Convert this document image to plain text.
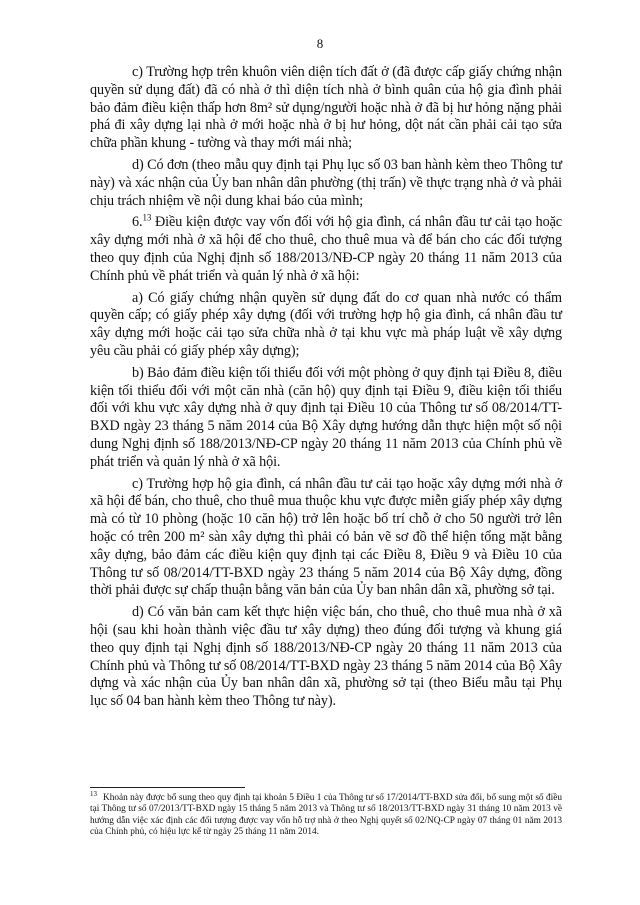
8

c) Trường hợp trên khuôn viên diện tích đất ở (đã được cấp giấy chứng nhận quyền sử dụng đất) đã có nhà ở thì diện tích nhà ở bình quân của hộ gia đình phải bảo đảm điều kiện thấp hơn 8m² sử dụng/người hoặc nhà ở đã bị hư hỏng nặng phải phá đi xây dựng lại nhà ở mới hoặc nhà ở bị hư hỏng, dột nát cần phải cải tạo sửa chữa phần khung - tường và thay mới mái nhà;

d) Có đơn (theo mẫu quy định tại Phụ lục số 03 ban hành kèm theo Thông tư này) và xác nhận của Ủy ban nhân dân phường (thị trấn) về thực trạng nhà ở và phải chịu trách nhiệm về nội dung khai báo của mình;

6.13 Điều kiện được vay vốn đối với hộ gia đình, cá nhân đầu tư cải tạo hoặc xây dựng mới nhà ở xã hội để cho thuê, cho thuê mua và để bán cho các đối tượng theo quy định của Nghị định số 188/2013/NĐ-CP ngày 20 tháng 11 năm 2013 của Chính phủ về phát triển và quản lý nhà ở xã hội:

a) Có giấy chứng nhận quyền sử dụng đất do cơ quan nhà nước có thẩm quyền cấp; có giấy phép xây dựng (đối với trường hợp hộ gia đình, cá nhân đầu tư xây dựng mới hoặc cải tạo sửa chữa nhà ở tại khu vực mà pháp luật về xây dựng yêu cầu phải có giấy phép xây dựng);

b) Bảo đảm điều kiện tối thiểu đối với một phòng ở quy định tại Điều 8, điều kiện tối thiểu đối với một căn nhà (căn hộ) quy định tại Điều 9, điều kiện tối thiểu đối với khu vực xây dựng nhà ở quy định tại Điều 10 của Thông tư số 08/2014/TT-BXD ngày 23 tháng 5 năm 2014 của Bộ Xây dựng hướng dẫn thực hiện một số nội dung Nghị định số 188/2013/NĐ-CP ngày 20 tháng 11 năm 2013 của Chính phủ về phát triển và quản lý nhà ở xã hội.

c) Trường hợp hộ gia đình, cá nhân đầu tư cải tạo hoặc xây dựng mới nhà ở xã hội để bán, cho thuê, cho thuê mua thuộc khu vực được miễn giấy phép xây dựng mà có từ 10 phòng (hoặc 10 căn hộ) trở lên hoặc bố trí chỗ ở cho 50 người trở lên hoặc có trên 200 m² sàn xây dựng thì phải có bản vẽ sơ đồ thể hiện tổng mặt bằng xây dựng, bảo đảm các điều kiện quy định tại các Điều 8, Điều 9 và Điều 10 của Thông tư số 08/2014/TT-BXD ngày 23 tháng 5 năm 2014 của Bộ Xây dựng, đồng thời phải được sự chấp thuận bằng văn bản của Ủy ban nhân dân xã, phường sở tại.

d) Có văn bản cam kết thực hiện việc bán, cho thuê, cho thuê mua nhà ở xã hội (sau khi hoàn thành việc đầu tư xây dựng) theo đúng đối tượng và khung giá theo quy định tại Nghị định số 188/2013/NĐ-CP ngày 20 tháng 11 năm 2013 của Chính phủ và Thông tư số 08/2014/TT-BXD ngày 23 tháng 5 năm 2014 của Bộ Xây dựng và xác nhận của Ủy ban nhân dân xã, phường sở tại (theo Biểu mẫu tại Phụ lục số 04 ban hành kèm theo Thông tư này).

$^{13}$ Khoản này được bổ sung theo quy định tại khoản 5 Điều 1 của Thông tư số 17/2014/TT-BXD sửa đổi, bổ sung một số điều tại Thông tư số 07/2013/TT-BXD ngày 15 tháng 5 năm 2013 và Thông tư số 18/2013/TT-BXD ngày 31 tháng 10 năm 2013 về hướng dẫn việc xác định các đối tượng được vay vốn hỗ trợ nhà ở theo Nghị quyết số 02/NQ-CP ngày 07 tháng 01 năm 2013 của Chính phủ, có hiệu lực kể từ ngày 25 tháng 11 năm 2014.
